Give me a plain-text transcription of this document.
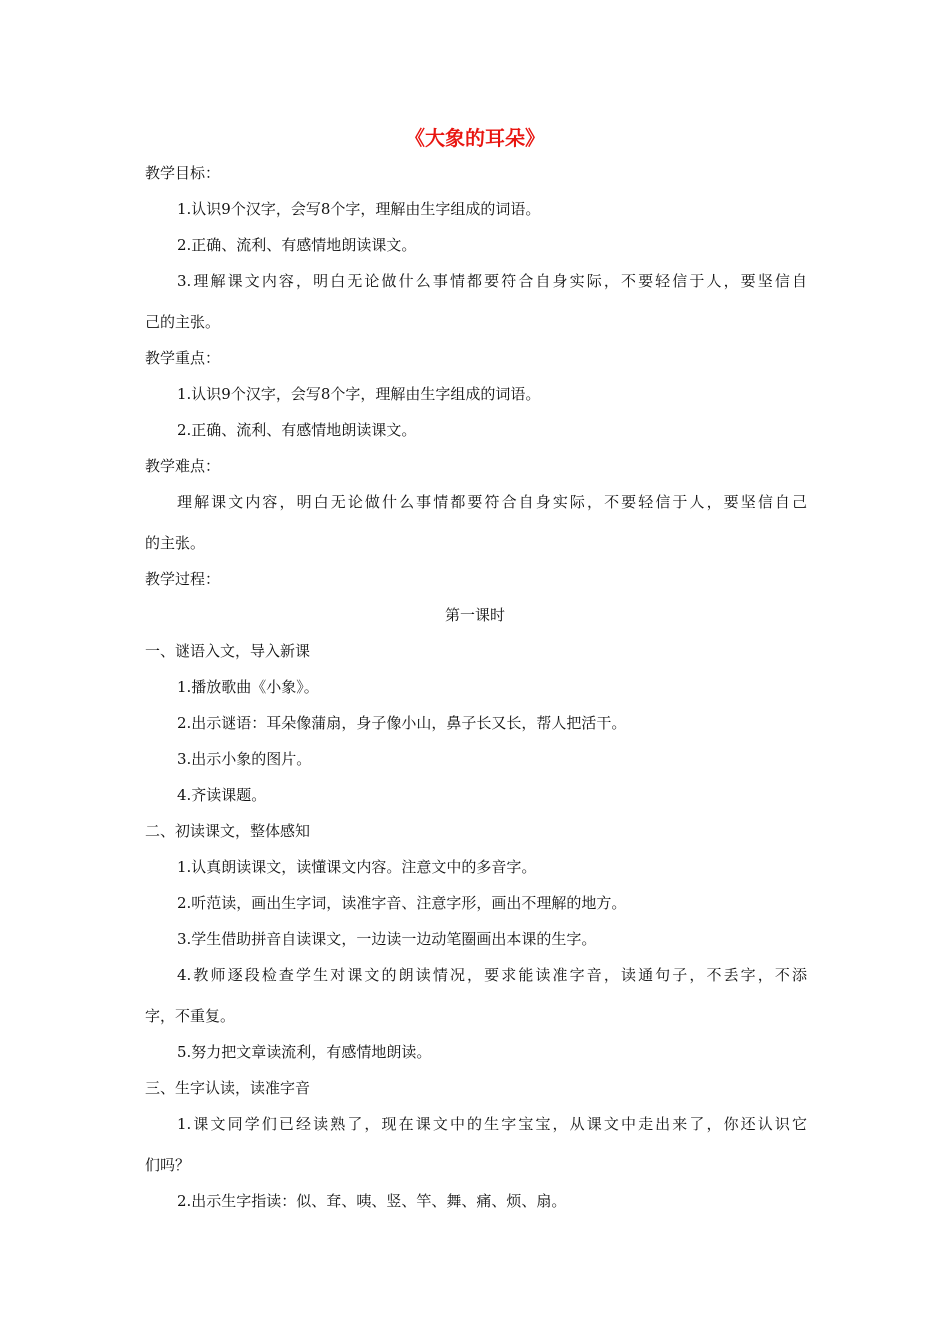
《大象的耳朵》
教学目标：
1.认识9个汉字，会写8个字，理解由生字组成的词语。
2.正确、流利、有感情地朗读课文。
3.理解课文内容，明白无论做什么事情都要符合自身实际，不要轻信于人，要坚信自
己的主张。
教学重点：
1.认识9个汉字，会写8个字，理解由生字组成的词语。
2.正确、流利、有感情地朗读课文。
教学难点：
理解课文内容，明白无论做什么事情都要符合自身实际，不要轻信于人，要坚信自己
的主张。
教学过程：
第一课时
一、谜语入文，导入新课
1.播放歌曲《小象》。
2.出示谜语：耳朵像蒲扇，身子像小山，鼻子长又长，帮人把活干。
3.出示小象的图片。
4.齐读课题。
二、初读课文，整体感知
1.认真朗读课文，读懂课文内容。注意文中的多音字。
2.听范读，画出生字词，读准字音、注意字形，画出不理解的地方。
3.学生借助拼音自读课文，一边读一边动笔圈画出本课的生字。
4.教师逐段检查学生对课文的朗读情况，要求能读准字音，读通句子，不丢字，不添
字，不重复。
5.努力把文章读流利，有感情地朗读。
三、生字认读，读准字音
1.课文同学们已经读熟了，现在课文中的生字宝宝，从课文中走出来了，你还认识它
们吗？
2.出示生字指读：似、耷、咦、竖、竿、舞、痛、烦、扇。
